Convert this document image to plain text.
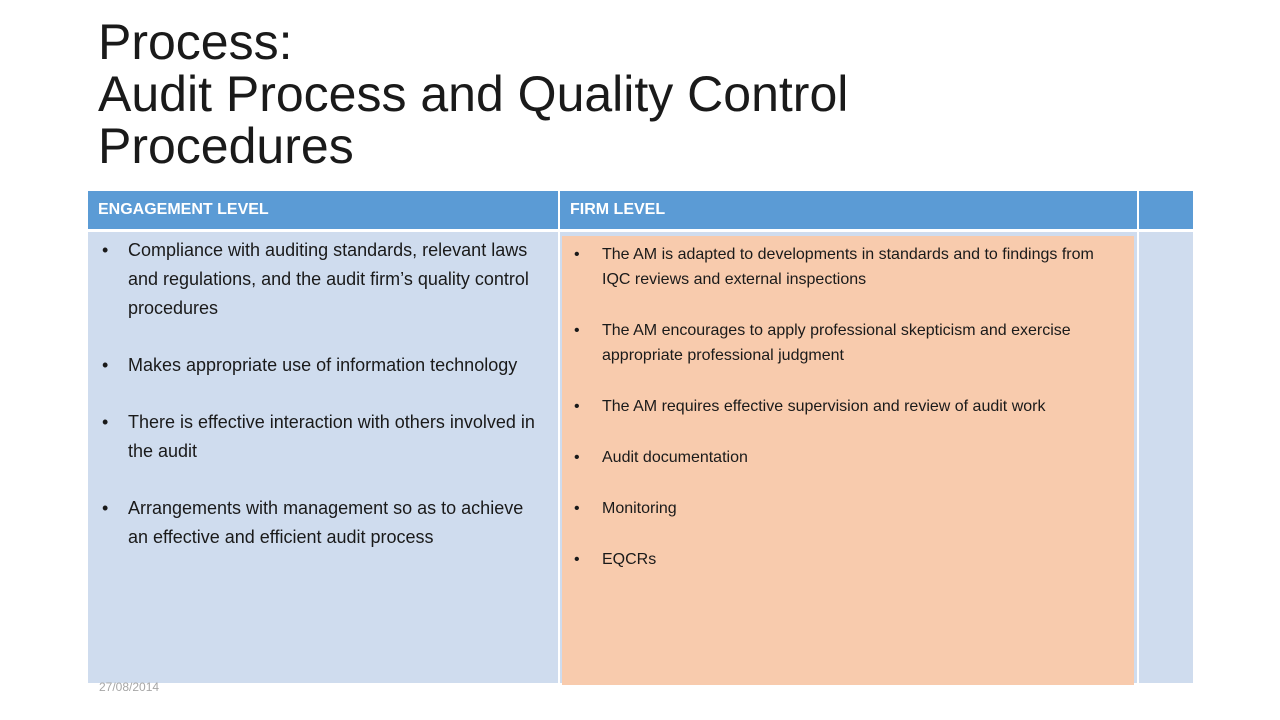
Process:
Audit Process and Quality Control
Procedures
ENGAGEMENT LEVEL	FIRM LEVEL
• Compliance with auditing standards, relevant laws and regulations, and the audit firm’s quality control procedures
• Makes appropriate use of information technology
• There is effective interaction with others involved in the audit
• Arrangements with management so as to achieve an effective and efficient audit process
• The AM is adapted to developments in standards and to findings from IQC reviews and external inspections
• The AM encourages to apply professional skepticism and exercise appropriate professional judgment
• The AM requires effective supervision and review of audit work
• Audit documentation
• Monitoring
• EQCRs
27/08/2014
